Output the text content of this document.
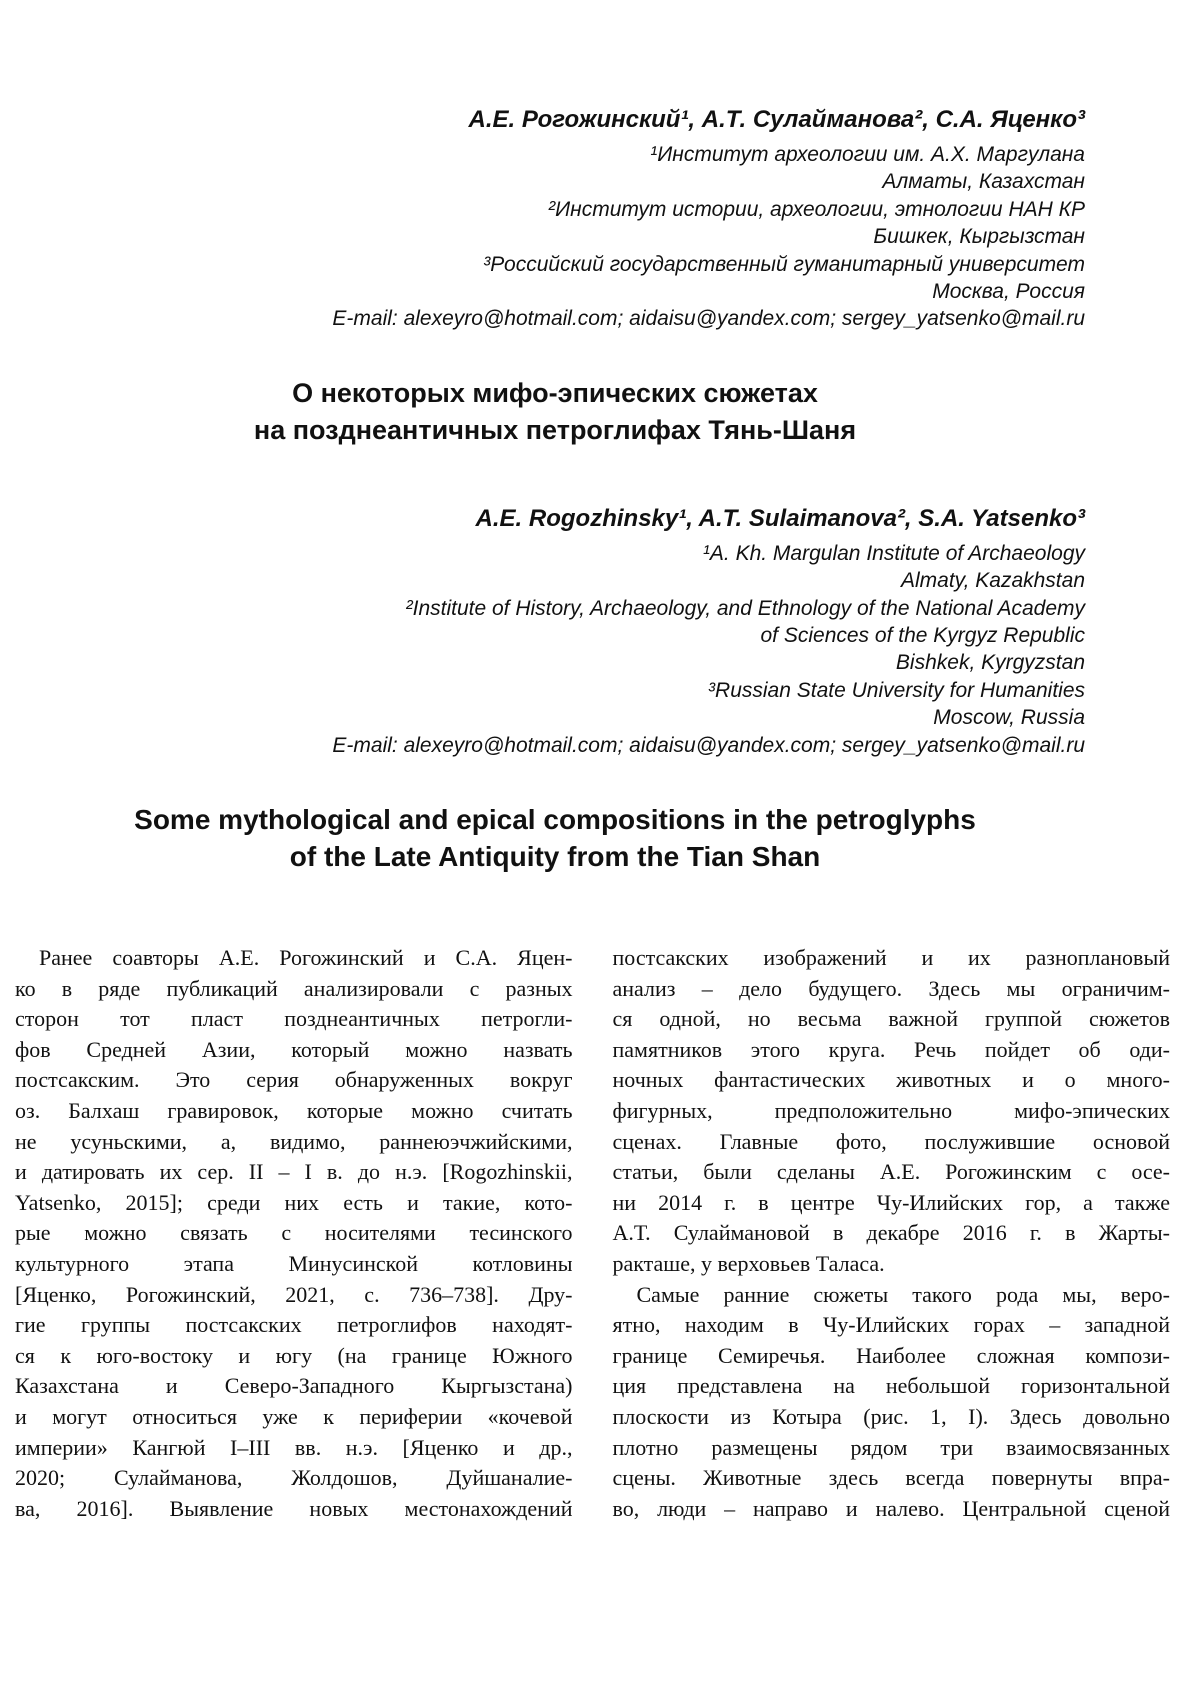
А.Е. Рогожинский¹, А.Т. Сулайманова², С.А. Яценко³
¹Институт археологии им. А.Х. Маргулана
Алматы, Казахстан
²Институт истории, археологии, этнологии НАН КР
Бишкек, Кыргызстан
³Российский государственный гуманитарный университет
Москва, Россия
E-mail: alexeyro@hotmail.com; aidaisu@yandex.com; sergey_yatsenko@mail.ru
О некоторых мифо-эпических сюжетах
на позднеантичных петроглифах Тянь-Шаня
A.E. Rogozhinsky¹, A.T. Sulaimanova², S.A. Yatsenko³
¹A. Kh. Margulan Institute of Archaeology
Almaty, Kazakhstan
²Institute of History, Archaeology, and Ethnology of the National Academy
of Sciences of the Kyrgyz Republic
Bishkek, Kyrgyzstan
³Russian State University for Humanities
Moscow, Russia
E-mail: alexeyro@hotmail.com; aidaisu@yandex.com; sergey_yatsenko@mail.ru
Some mythological and epical compositions in the petroglyphs
of the Late Antiquity from the Tian Shan
Ранее соавторы А.Е. Рогожинский и С.А. Яцен-
ко в ряде публикаций анализировали с разных
сторон тот пласт позднеантичных петрогли-
фов Средней Азии, который можно назвать
постсакским. Это серия обнаруженных вокруг
оз. Балхаш гравировок, которые можно считать
не усуньскими, а, видимо, раннеюэчжийскими,
и датировать их сер. II – I в. до н.э. [Rogozhinskii,
Yatsenko, 2015]; среди них есть и такие, кото-
рые можно связать с носителями тесинского
культурного этапа Минусинской котловины
[Яценко, Рогожинский, 2021, с. 736–738]. Дру-
гие группы постсакских петроглифов находят-
ся к юго-востоку и югу (на границе Южного
Казахстана и Северо-Западного Кыргызстана)
и могут относиться уже к периферии «кочевой
империи» Кангюй I–III вв. н.э. [Яценко и др.,
2020; Сулайманова, Жолдошов, Дуйшаналие-
ва, 2016]. Выявление новых местонахождений
постсакских изображений и их разноплановый
анализ – дело будущего. Здесь мы ограничим-
ся одной, но весьма важной группой сюжетов
памятников этого круга. Речь пойдет об оди-
ночных фантастических животных и о много-
фигурных, предположительно мифо-эпических
сценах. Главные фото, послужившие основой
статьи, были сделаны А.Е. Рогожинским с осе-
ни 2014 г. в центре Чу-Илийских гор, а также
А.Т. Сулаймановой в декабре 2016 г. в Жарты-
ракташе, у верховьев Таласа.
Самые ранние сюжеты такого рода мы, веро-
ятно, находим в Чу-Илийских горах – западной
границе Семиречья. Наиболее сложная компози-
ция представлена на небольшой горизонтальной
плоскости из Котыра (рис. 1, I). Здесь довольно
плотно размещены рядом три взаимосвязанных
сцены. Животные здесь всегда повернуты впра-
во, люди – направо и налево. Центральной сценой
